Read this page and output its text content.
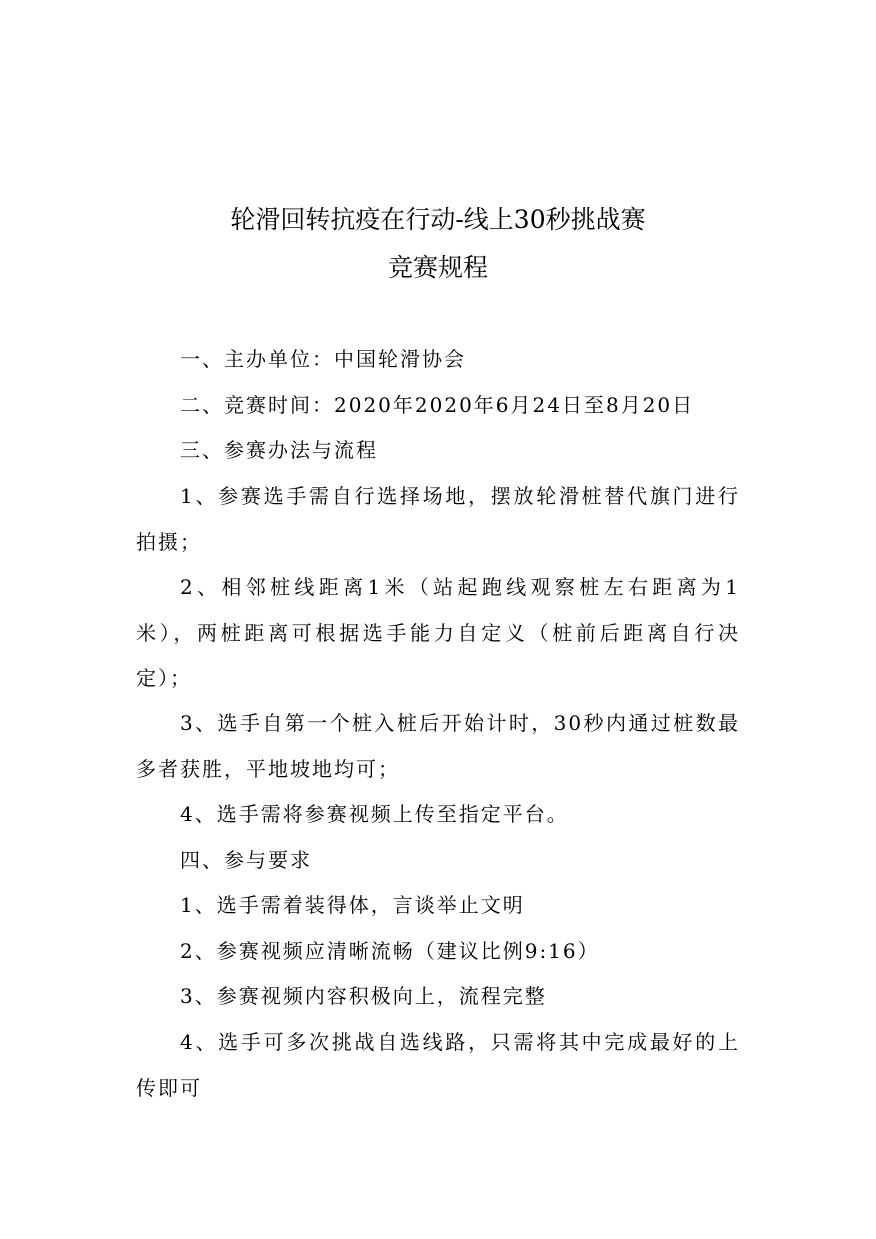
轮滑回转抗疫在行动-线上30秒挑战赛
竞赛规程
一、主办单位：中国轮滑协会
二、竞赛时间：2020年2020年6月24日至8月20日
三、参赛办法与流程
1、参赛选手需自行选择场地，摆放轮滑桩替代旗门进行拍摄；
2、相邻桩线距离1米（站起跑线观察桩左右距离为1米），两桩距离可根据选手能力自定义（桩前后距离自行决定）；
3、选手自第一个桩入桩后开始计时，30秒内通过桩数最多者获胜，平地坡地均可；
4、选手需将参赛视频上传至指定平台。
四、参与要求
1、选手需着装得体，言谈举止文明
2、参赛视频应清晰流畅（建议比例9:16）
3、参赛视频内容积极向上，流程完整
4、选手可多次挑战自选线路，只需将其中完成最好的上传即可
